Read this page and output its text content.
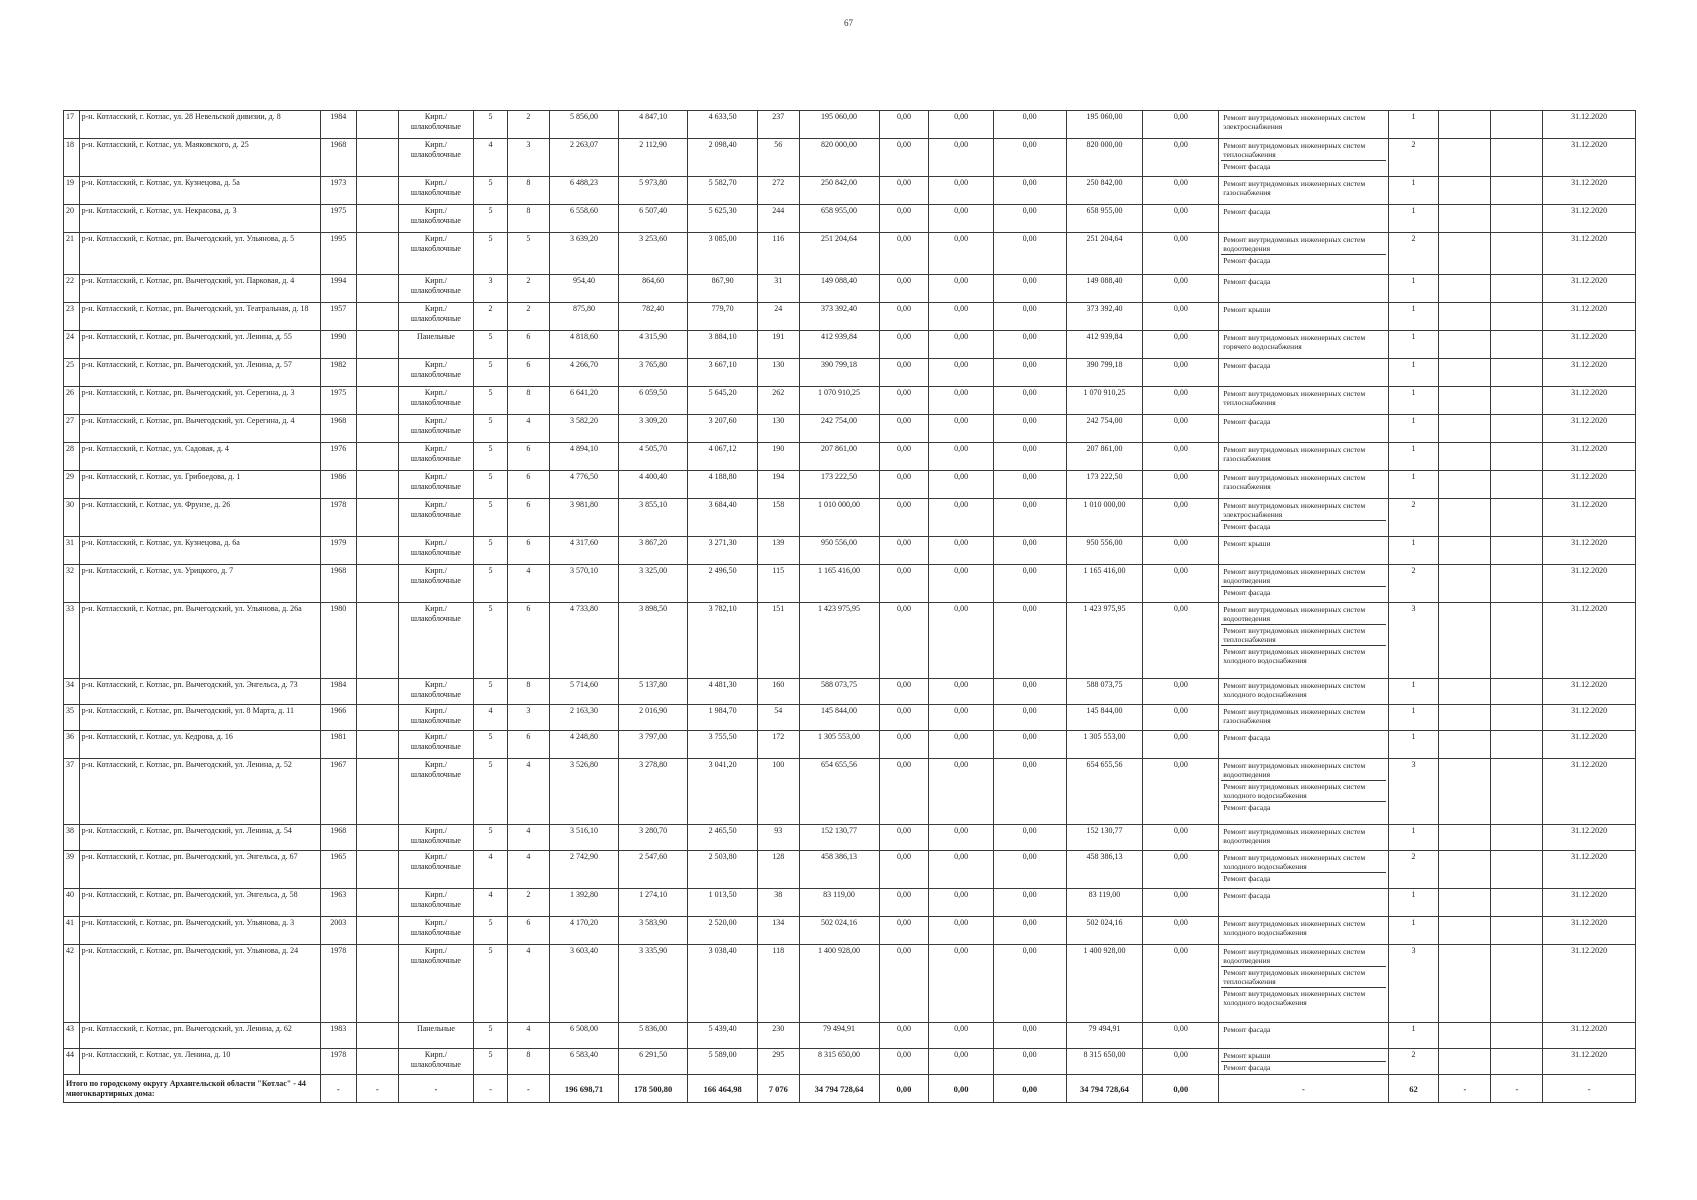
67
17	р-н. Котласский, г. Котлас, ул. 28 Невельской дивизии, д. 8	1984		Кирп./ шлакоблочные	5	2	5 856,00	4 847,10	4 633,50	237	195 060,00	0,00	0,00	0,00	195 060,00	0,00	Ремонт внутридомовых инженерных систем электроснабжения	1			31.12.2020
18	р-н. Котласский, г. Котлас, ул. Маяковского, д. 25	1968		Кирп./ шлакоблочные	4	3	2 263,07	2 112,90	2 098,40	56	820 000,00	0,00	0,00	0,00	820 000,00	0,00	Ремонт внутридомовых инженерных систем теплоснабжения
Ремонт фасада	2			31.12.2020
19	р-н. Котласский, г. Котлас, ул. Кузнецова, д. 5а	1973		Кирп./ шлакоблочные	5	8	6 488,23	5 973,80	5 582,70	272	250 842,00	0,00	0,00	0,00	250 842,00	0,00	Ремонт внутридомовых инженерных систем газоснабжения	1			31.12.2020
20	р-н. Котласский, г. Котлас, ул. Некрасова, д. 3	1975		Кирп./ шлакоблочные	5	8	6 558,60	6 507,40	5 625,30	244	658 955,00	0,00	0,00	0,00	658 955,00	0,00	Ремонт фасада	1			31.12.2020
21	р-н. Котласский, г. Котлас, рп. Вычегодский, ул. Ульянова, д. 5	1995		Кирп./ шлакоблочные	5	5	3 639,20	3 253,60	3 085,00	116	251 204,64	0,00	0,00	0,00	251 204,64	0,00	Ремонт внутридомовых инженерных систем водоотведения
Ремонт фасада	2			31.12.2020
22	р-н. Котласский, г. Котлас, рп. Вычегодский, ул. Парковая, д. 4	1994		Кирп./ шлакоблочные	3	2	954,40	864,60	867,90	31	149 088,40	0,00	0,00	0,00	149 088,40	0,00	Ремонт фасада	1			31.12.2020
23	р-н. Котласский, г. Котлас, рп. Вычегодский, ул. Театральная, д. 18	1957		Кирп./ шлакоблочные	2	2	875,80	782,40	779,70	24	373 392,40	0,00	0,00	0,00	373 392,40	0,00	Ремонт крыши	1			31.12.2020
24	р-н. Котласский, г. Котлас, рп. Вычегодский, ул. Ленина, д. 55	1990		Панельные	5	6	4 818,60	4 315,90	3 884,10	191	412 939,84	0,00	0,00	0,00	412 939,84	0,00	Ремонт внутридомовых инженерных систем горячего водоснабжения	1			31.12.2020
25	р-н. Котласский, г. Котлас, рп. Вычегодский, ул. Ленина, д. 57	1982		Кирп./ шлакоблочные	5	6	4 266,70	3 765,80	3 667,10	130	390 799,18	0,00	0,00	0,00	390 799,18	0,00	Ремонт фасада	1			31.12.2020
26	р-н. Котласский, г. Котлас, рп. Вычегодский, ул. Серегина, д. 3	1975		Кирп./ шлакоблочные	5	8	6 641,20	6 059,50	5 645,20	262	1 070 910,25	0,00	0,00	0,00	1 070 910,25	0,00	Ремонт внутридомовых инженерных систем теплоснабжения	1			31.12.2020
27	р-н. Котласский, г. Котлас, рп. Вычегодский, ул. Серегина, д. 4	1968		Кирп./ шлакоблочные	5	4	3 582,20	3 309,20	3 207,60	130	242 754,00	0,00	0,00	0,00	242 754,00	0,00	Ремонт фасада	1			31.12.2020
28	р-н. Котласский, г. Котлас, ул. Садовая, д. 4	1976		Кирп./ шлакоблочные	5	6	4 894,10	4 505,70	4 067,12	190	207 861,00	0,00	0,00	0,00	207 861,00	0,00	Ремонт внутридомовых инженерных систем газоснабжения	1			31.12.2020
29	р-н. Котласский, г. Котлас, ул. Грибоедова, д. 1	1986		Кирп./ шлакоблочные	5	6	4 776,50	4 400,40	4 188,80	194	173 222,50	0,00	0,00	0,00	173 222,50	0,00	Ремонт внутридомовых инженерных систем газоснабжения	1			31.12.2020
30	р-н. Котласский, г. Котлас, ул. Фрунзе, д. 26	1978		Кирп./ шлакоблочные	5	6	3 981,80	3 855,10	3 684,40	158	1 010 000,00	0,00	0,00	0,00	1 010 000,00	0,00	Ремонт внутридомовых инженерных систем электроснабжения
Ремонт фасада	2			31.12.2020
31	р-н. Котласский, г. Котлас, ул. Кузнецова, д. 6а	1979		Кирп./ шлакоблочные	5	6	4 317,60	3 867,20	3 271,30	139	950 556,00	0,00	0,00	0,00	950 556,00	0,00	Ремонт крыши	1			31.12.2020
32	р-н. Котласский, г. Котлас, ул. Урицкого, д. 7	1968		Кирп./ шлакоблочные	5	4	3 570,10	3 325,00	2 496,50	115	1 165 416,00	0,00	0,00	0,00	1 165 416,00	0,00	Ремонт внутридомовых инженерных систем водоотведения
Ремонт фасада	2			31.12.2020
33	р-н. Котласский, г. Котлас, рп. Вычегодский, ул. Ульянова, д. 26а	1980		Кирп./ шлакоблочные	5	6	4 733,80	3 898,50	3 782,10	151	1 423 975,95	0,00	0,00	0,00	1 423 975,95	0,00	Ремонт внутридомовых инженерных систем водоотведения
Ремонт внутридомовых инженерных систем теплоснабжения
Ремонт внутридомовых инженерных систем холодного водоснабжения	3			31.12.2020
34	р-н. Котласский, г. Котлас, рп. Вычегодский, ул. Энгельса, д. 73	1984		Кирп./ шлакоблочные	5	8	5 714,60	5 137,80	4 481,30	160	588 073,75	0,00	0,00	0,00	588 073,75	0,00	Ремонт внутридомовых инженерных систем холодного водоснабжения	1			31.12.2020
35	р-н. Котласский, г. Котлас, рп. Вычегодский, ул. 8 Марта, д. 11	1966		Кирп./ шлакоблочные	4	3	2 163,30	2 016,90	1 984,70	54	145 844,00	0,00	0,00	0,00	145 844,00	0,00	Ремонт внутридомовых инженерных систем газоснабжения	1			31.12.2020
36	р-н. Котласский, г. Котлас, ул. Кедрова, д. 16	1981		Кирп./ шлакоблочные	5	6	4 248,80	3 797,00	3 755,50	172	1 305 553,00	0,00	0,00	0,00	1 305 553,00	0,00	Ремонт фасада	1			31.12.2020
37	р-н. Котласский, г. Котлас, рп. Вычегодский, ул. Ленина, д. 52	1967		Кирп./ шлакоблочные	5	4	3 526,80	3 278,80	3 041,20	100	654 655,56	0,00	0,00	0,00	654 655,56	0,00	Ремонт внутридомовых инженерных систем водоотведения
Ремонт внутридомовых инженерных систем холодного водоснабжения
Ремонт фасада	3			31.12.2020
38	р-н. Котласский, г. Котлас, рп. Вычегодский, ул. Ленина, д. 54	1968		Кирп./ шлакоблочные	5	4	3 516,10	3 280,70	2 465,50	93	152 130,77	0,00	0,00	0,00	152 130,77	0,00	Ремонт внутридомовых инженерных систем водоотведения	1			31.12.2020
39	р-н. Котласский, г. Котлас, рп. Вычегодский, ул. Энгельса, д. 67	1965		Кирп./ шлакоблочные	4	4	2 742,90	2 547,60	2 503,80	128	458 386,13	0,00	0,00	0,00	458 386,13	0,00	Ремонт внутридомовых инженерных систем холодного водоснабжения
Ремонт фасада	2			31.12.2020
40	р-н. Котласский, г. Котлас, рп. Вычегодский, ул. Энгельса, д. 58	1963		Кирп./ шлакоблочные	4	2	1 392,80	1 274,10	1 013,50	38	83 119,00	0,00	0,00	0,00	83 119,00	0,00	Ремонт фасада	1			31.12.2020
41	р-н. Котласский, г. Котлас, рп. Вычегодский, ул. Ульянова, д. 3	2003		Кирп./ шлакоблочные	5	6	4 170,20	3 583,90	2 520,00	134	502 024,16	0,00	0,00	0,00	502 024,16	0,00	Ремонт внутридомовых инженерных систем холодного водоснабжения	1			31.12.2020
42	р-н. Котласский, г. Котлас, рп. Вычегодский, ул. Ульянова, д. 24	1978		Кирп./ шлакоблочные	5	4	3 603,40	3 335,90	3 038,40	118	1 400 928,00	0,00	0,00	0,00	1 400 928,00	0,00	Ремонт внутридомовых инженерных систем водоотведения
Ремонт внутридомовых инженерных систем теплоснабжения
Ремонт внутридомовых инженерных систем холодного водоснабжения	3			31.12.2020
43	р-н. Котласский, г. Котлас, рп. Вычегодский, ул. Ленина, д. 62	1983		Панельные	5	4	6 508,00	5 836,00	5 439,40	230	79 494,91	0,00	0,00	0,00	79 494,91	0,00	Ремонт фасада	1			31.12.2020
44	р-н. Котласский, г. Котлас, ул. Ленина, д. 10	1978		Кирп./ шлакоблочные	5	8	6 583,40	6 291,50	5 589,00	295	8 315 650,00	0,00	0,00	0,00	8 315 650,00	0,00	Ремонт крыши
Ремонт фасада	2			31.12.2020
Итого по городскому округу Архангельской области "Котлас" - 44 многоквартирных дома:		-	-	-	-	-	196 698,71	178 500,80	166 464,98	7 076	34 794 728,64	0,00	0,00	0,00	34 794 728,64	0,00	-	62	-	-	-
